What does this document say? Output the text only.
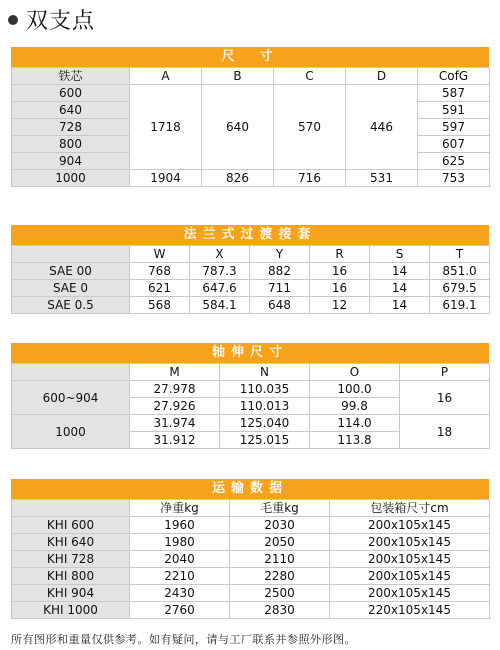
双支点
尺　寸
铁芯	A	B	C	D	CofG
600	1718	640	570	446	587
640					591
728					597
800					607
904					625
1000	1904	826	716	531	753
法兰式过渡接套
	W	X	Y	R	S	T
SAE 00	768	787.3	882	16	14	851.0
SAE 0	621	647.6	711	16	14	679.5
SAE 0.5	568	584.1	648	12	14	619.1
轴伸尺寸
	M	N	O	P
600~904	27.978	110.035	100.0	16
	27.926	110.013	99.8	
1000	31.974	125.040	114.0	18
	31.912	125.015	113.8	
运输数据
	净重kg	毛重kg	包装箱尺寸cm
KHI 600	1960	2030	200x105x145
KHI 640	1980	2050	200x105x145
KHI 728	2040	2110	200x105x145
KHI 800	2210	2280	200x105x145
KHI 904	2430	2500	200x105x145
KHI 1000	2760	2830	220x105x145
所有图形和重量仅供参考。如有疑问，请与工厂联系并参照外形图。
